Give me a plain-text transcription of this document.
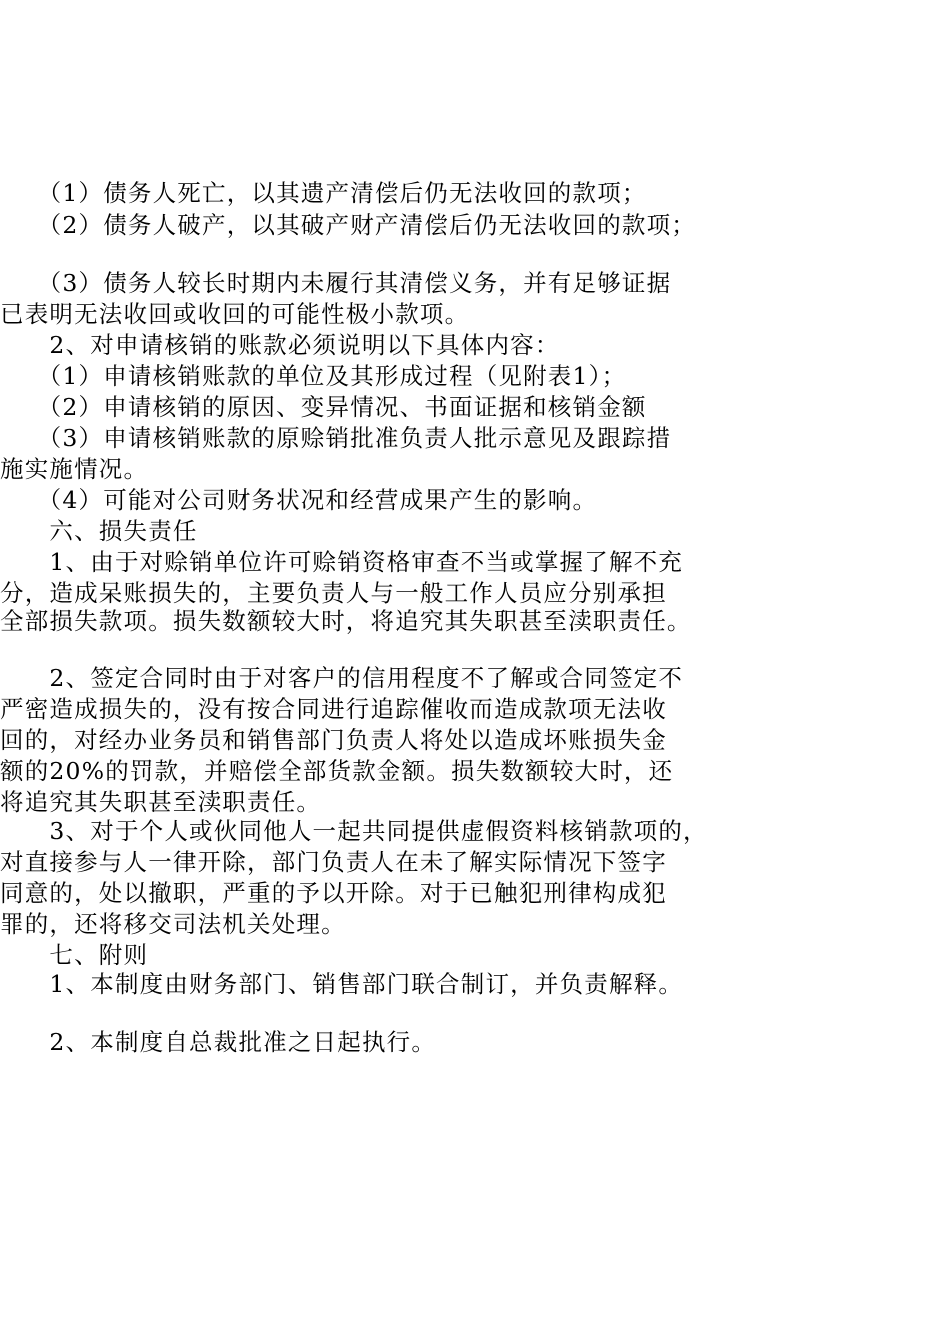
　　（1）债务人死亡，以其遗产清偿后仍无法收回的款项；

　　（2）债务人破产，以其破产财产清偿后仍无法收回的款项；

　　（3）债务人较长时期内未履行其清偿义务，并有足够证据

已表明无法收回或收回的可能性极小款项。

　　2、对申请核销的账款必须说明以下具体内容：

　　（1）申请核销账款的单位及其形成过程（见附表1）；

　　（2）申请核销的原因、变异情况、书面证据和核销金额

　　（3）申请核销账款的原赊销批准负责人批示意见及跟踪措

施实施情况。

　　（4）可能对公司财务状况和经营成果产生的影响。

　　六、损失责任

　　1、由于对赊销单位许可赊销资格审查不当或掌握了解不充

分，造成呆账损失的，主要负责人与一般工作人员应分别承担

全部损失款项。损失数额较大时，将追究其失职甚至渎职责任。

　　2、签定合同时由于对客户的信用程度不了解或合同签定不

严密造成损失的，没有按合同进行追踪催收而造成款项无法收

回的，对经办业务员和销售部门负责人将处以造成坏账损失金

额的20%的罚款，并赔偿全部货款金额。损失数额较大时，还

将追究其失职甚至渎职责任。

　　3、对于个人或伙同他人一起共同提供虚假资料核销款项的，

对直接参与人一律开除，部门负责人在未了解实际情况下签字

同意的，处以撤职，严重的予以开除。对于已触犯刑律构成犯

罪的，还将移交司法机关处理。

　　七、附则

　　1、本制度由财务部门、销售部门联合制订，并负责解释。

　　2、本制度自总裁批准之日起执行。
